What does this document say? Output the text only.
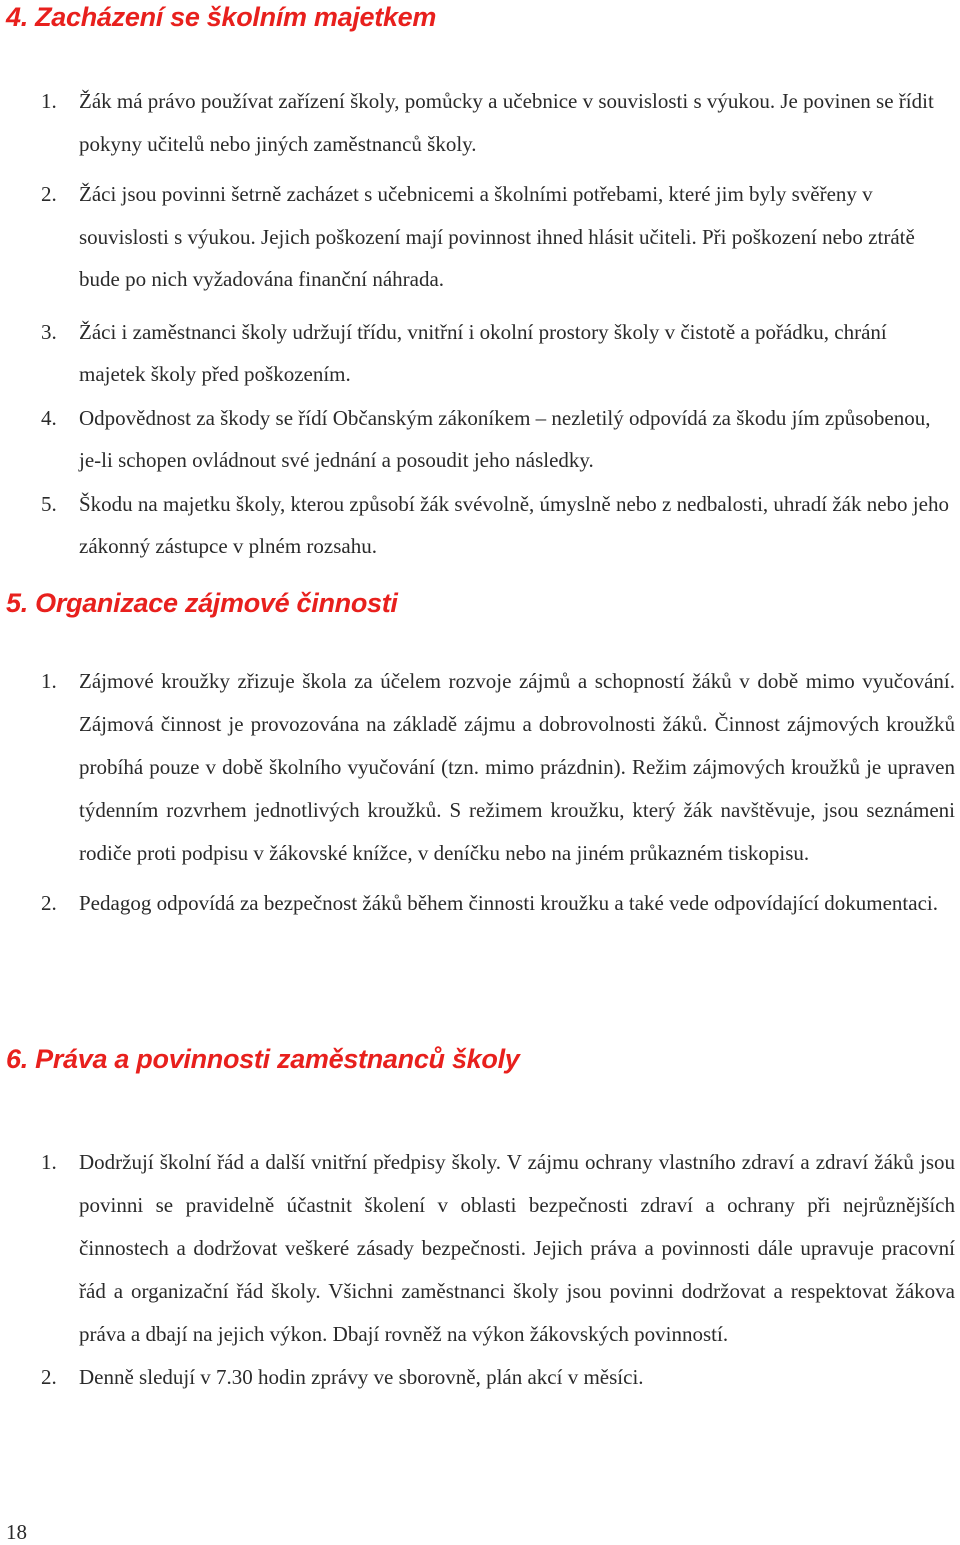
4. Zacházení se školním majetkem
1. Žák má právo používat zařízení školy, pomůcky a učebnice v souvislosti s výukou. Je povinen se řídit pokyny učitelů nebo jiných zaměstnanců školy.
2. Žáci jsou povinni šetrně zacházet s učebnicemi a školními potřebami, které jim byly svěřeny v souvislosti s výukou. Jejich poškození mají povinnost ihned hlásit učiteli. Při poškození nebo ztrátě bude po nich vyžadována finanční náhrada.
3. Žáci i zaměstnanci školy udržují třídu, vnitřní i okolní prostory školy v čistotě a pořádku, chrání majetek školy před poškozením.
4. Odpovědnost za škody se řídí Občanským zákoníkem – nezletilý odpovídá za škodu jím způsobenou, je-li schopen ovládnout své jednání a posoudit jeho následky.
5. Škodu na majetku školy, kterou způsobí žák svévolně, úmyslně nebo z nedbalosti, uhradí žák nebo jeho zákonný zástupce v plném rozsahu.
5. Organizace zájmové činnosti
1. Zájmové kroužky zřizuje škola za účelem rozvoje zájmů a schopností žáků v době mimo vyučování. Zájmová činnost je provozována na základě zájmu a dobrovolnosti žáků. Činnost zájmových kroužků probíhá pouze v době školního vyučování (tzn. mimo prázdnin). Režim zájmových kroužků je upraven týdenním rozvrhem jednotlivých kroužků. S režimem kroužku, který žák navštěvuje, jsou seznámeni rodiče proti podpisu v žákovské knížce, v deníčku nebo na jiném průkazném tiskopisu.
2. Pedagog odpovídá za bezpečnost žáků během činnosti kroužku a také vede odpovídající dokumentaci.
6. Práva a povinnosti zaměstnanců školy
1. Dodržují školní řád a další vnitřní předpisy školy. V zájmu ochrany vlastního zdraví a zdraví žáků jsou povinni se pravidelně účastnit školení v oblasti bezpečnosti zdraví a ochrany při nejrůznějších činnostech a dodržovat veškeré zásady bezpečnosti. Jejich práva a povinnosti dále upravuje pracovní řád a organizační řád školy. Všichni zaměstnanci školy jsou povinni dodržovat a respektovat žákova práva a dbají na jejich výkon. Dbají rovněž na výkon žákovských povinností.
2. Denně sledují v 7.30 hodin zprávy ve sborovně, plán akcí v měsíci.
18
